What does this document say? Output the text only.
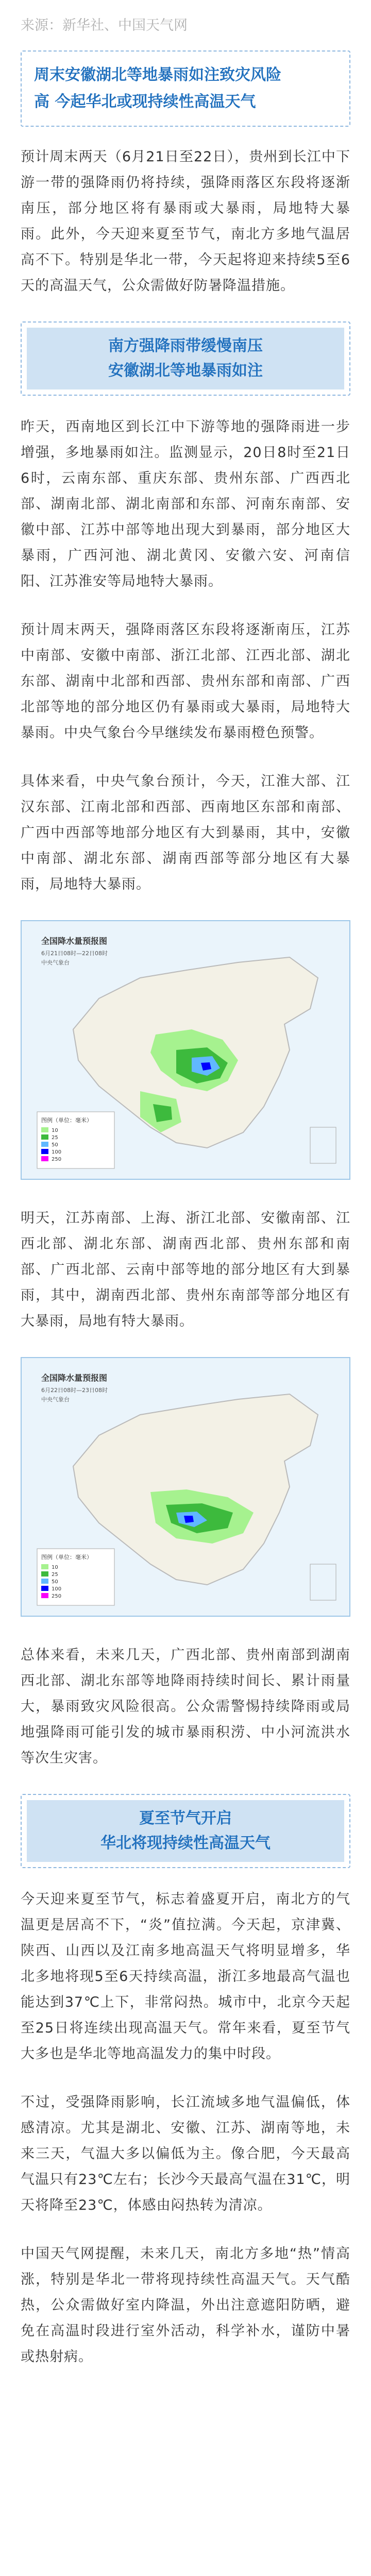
来源：新华社、中国天气网

周末安徽湖北等地暴雨如注致灾风险

高 今起华北或现持续性高温天气

预计周末两天（6月21日至22日），贵州到长江中下游一带的强降雨仍将持续，强降雨落区东段将逐渐南压，部分地区将有暴雨或大暴雨，局地特大暴雨。此外，今天迎来夏至节气，南北方多地气温居高不下。特别是华北一带，今天起将迎来持续5至6天的高温天气，公众需做好防暑降温措施。

南方强降雨带缓慢南压

安徽湖北等地暴雨如注

昨天，西南地区到长江中下游等地的强降雨进一步增强，多地暴雨如注。监测显示，20日8时至21日6时，云南东部、重庆东部、贵州东部、广西西北部、湖南北部、湖北南部和东部、河南东南部、安徽中部、江苏中部等地出现大到暴雨，部分地区大暴雨，广西河池、湖北黄冈、安徽六安、河南信阳、江苏淮安等局地特大暴雨。

预计周末两天，强降雨落区东段将逐渐南压，江苏中南部、安徽中南部、浙江北部、江西北部、湖北东部、湖南中北部和西部、贵州东部和南部、广西北部等地的部分地区仍有暴雨或大暴雨，局地特大暴雨。中央气象台今早继续发布暴雨橙色预警。

具体来看，中央气象台预计，今天，江淮大部、江汉东部、江南北部和西部、西南地区东部和南部、广西中西部等地部分地区有大到暴雨，其中，安徽中南部、湖北东部、湖南西部等部分地区有大暴雨，局地特大暴雨。

全国降水量预报图
6月21日08时—22日08时
中央气象台
图例（单位：毫米）
10
25
50
100
250

明天，江苏南部、上海、浙江北部、安徽南部、江西北部、湖北东部、湖南西北部、贵州东部和南部、广西北部、云南中部等地的部分地区有大到暴雨，其中，湖南西北部、贵州东南部等部分地区有大暴雨，局地有特大暴雨。

全国降水量预报图
6月22日08时—23日08时
中央气象台
图例（单位：毫米）
10
25
50
100
250

总体来看，未来几天，广西北部、贵州南部到湖南西北部、湖北东部等地降雨持续时间长、累计雨量大，暴雨致灾风险很高。公众需警惕持续降雨或局地强降雨可能引发的城市暴雨积涝、中小河流洪水等次生灾害。

夏至节气开启

华北将现持续性高温天气

今天迎来夏至节气，标志着盛夏开启，南北方的气温更是居高不下，“炎”值拉满。今天起，京津冀、陕西、山西以及江南多地高温天气将明显增多，华北多地将现5至6天持续高温，浙江多地最高气温也能达到37℃上下，非常闷热。城市中，北京今天起至25日将连续出现高温天气。常年来看，夏至节气大多也是华北等地高温发力的集中时段。

不过，受强降雨影响，长江流域多地气温偏低，体感清凉。尤其是湖北、安徽、江苏、湖南等地，未来三天，气温大多以偏低为主。像合肥，今天最高气温只有23℃左右；长沙今天最高气温在31℃，明天将降至23℃，体感由闷热转为清凉。

中国天气网提醒，未来几天，南北方多地“热”情高涨，特别是华北一带将现持续性高温天气。天气酷热，公众需做好室内降温，外出注意遮阳防晒，避免在高温时段进行室外活动，科学补水，谨防中暑或热射病。
